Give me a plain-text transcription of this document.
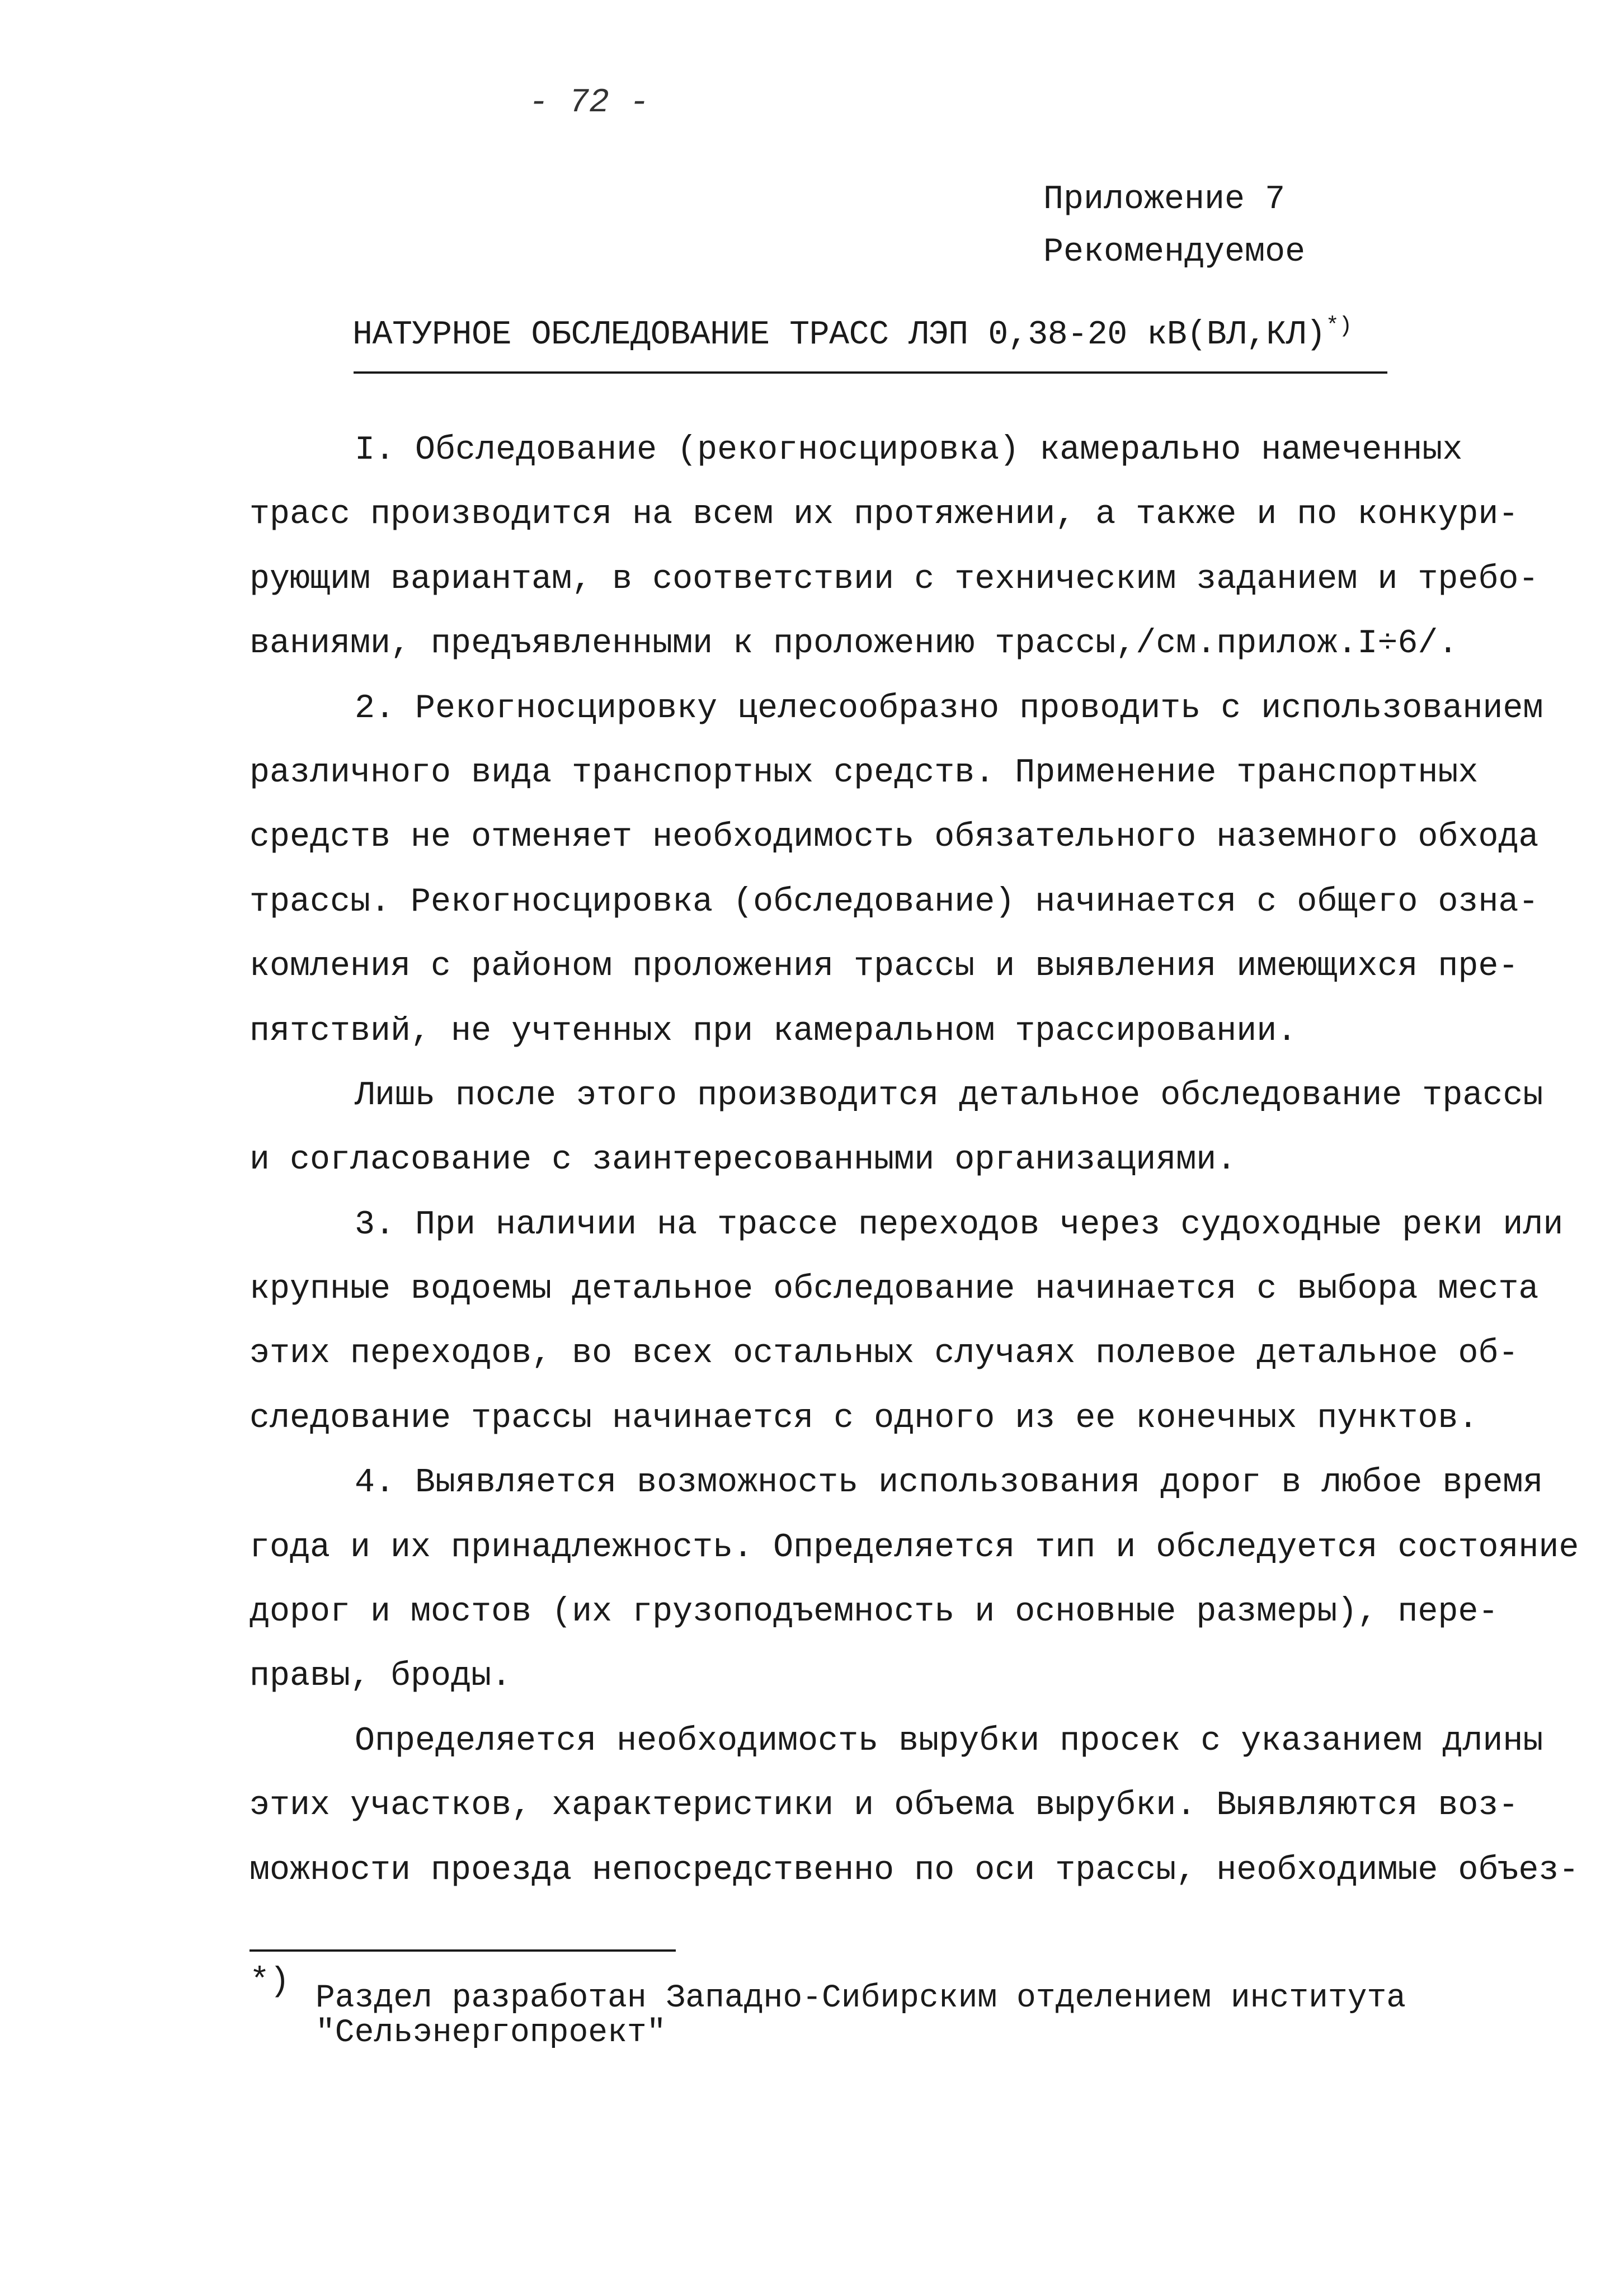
- 72 -
Приложение 7
Рекомендуемое
НАТУРНОЕ ОБСЛЕДОВАНИЕ ТРАСС ЛЭП 0,38-20 кВ(ВЛ,КЛ)*)
I. Обследование (рекогносцировка) камерально намеченных
трасс производится на всем их протяжении, а также и по конкури-
рующим вариантам, в соответствии с техническим заданием и требо-
ваниями, предъявленными к проложению трассы,/см.прилож.I÷6/.
2. Рекогносцировку целесообразно проводить с использованием
различного вида транспортных средств. Применение транспортных
средств не отменяет необходимость обязательного наземного обхода
трассы. Рекогносцировка (обследование) начинается с общего озна-
комления с районом проложения трассы и выявления имеющихся пре-
пятствий, не учтенных при камеральном трассировании.
Лишь после этого производится детальное обследование трассы
и согласование с заинтересованными организациями.
3. При наличии на трассе переходов через судоходные реки или
крупные водоемы детальное обследование начинается с выбора места
этих переходов, во всех остальных случаях полевое детальное об-
следование трассы начинается с одного из ее конечных пунктов.
4. Выявляется возможность использования дорог в любое время
года и их принадлежность. Определяется тип и обследуется состояние
дорог и мостов (их грузоподъемность и основные размеры), пере-
правы, броды.
Определяется необходимость вырубки просек с указанием длины
этих участков, характеристики и объема вырубки. Выявляются воз-
можности проезда непосредственно по оси трассы, необходимые объез-
*) Раздел разработан Западно-Сибирским отделением института
"Сельэнергопроект"
